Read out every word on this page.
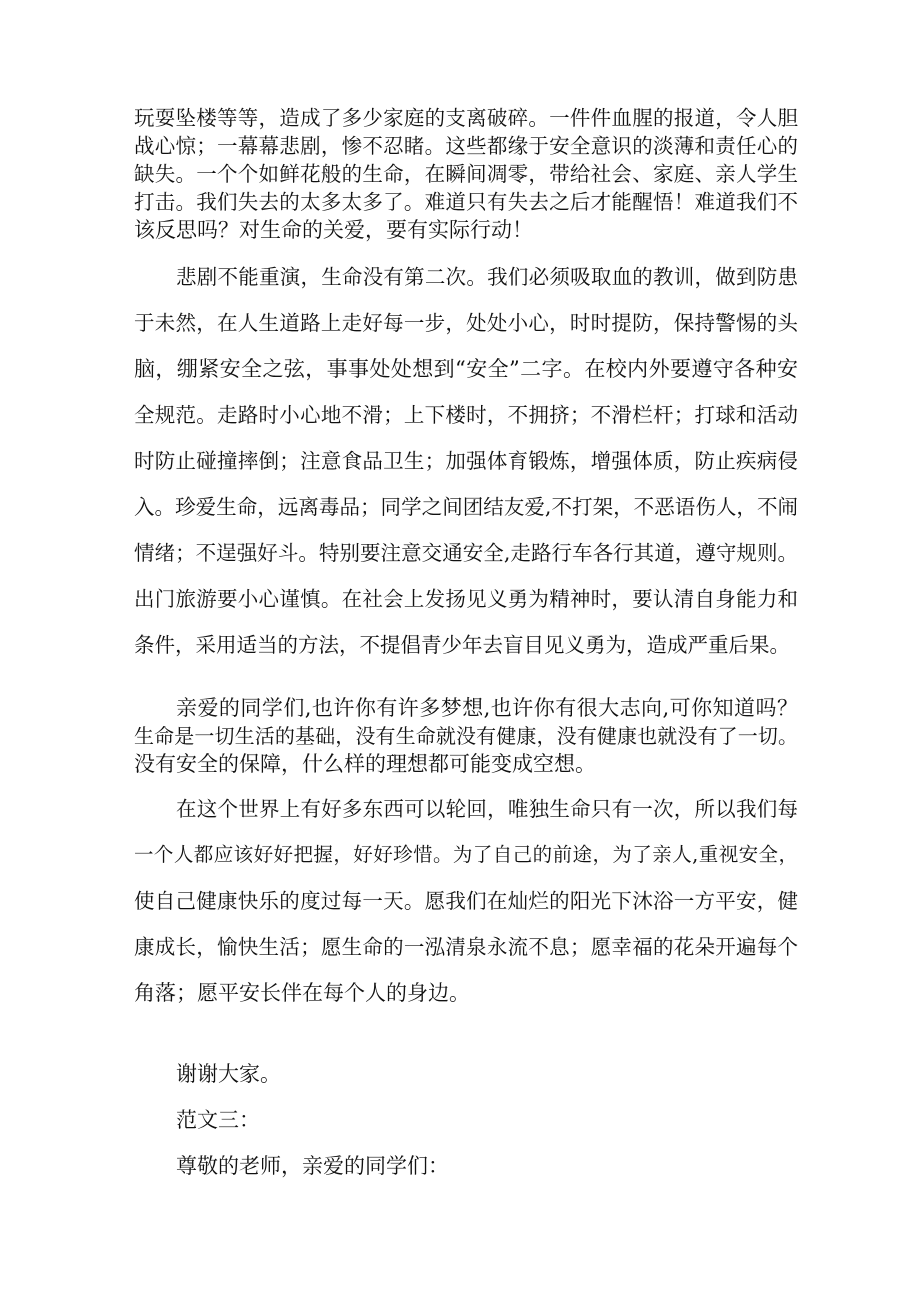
玩耍坠楼等等，造成了多少家庭的支离破碎。一件件血腥的报道，令人胆

战心惊；一幕幕悲剧，惨不忍睹。这些都缘于安全意识的淡薄和责任心的

缺失。一个个如鲜花般的生命，在瞬间凋零，带给社会、家庭、亲人学生

打击。我们失去的太多太多了。难道只有失去之后才能醒悟！难道我们不

该反思吗？对生命的关爱，要有实际行动！

悲剧不能重演，生命没有第二次。我们必须吸取血的教训，做到防患

于未然，在人生道路上走好每一步，处处小心，时时提防，保持警惕的头

脑，绷紧安全之弦，事事处处想到“安全”二字。在校内外要遵守各种安

全规范。走路时小心地不滑；上下楼时，不拥挤；不滑栏杆；打球和活动

时防止碰撞摔倒；注意食品卫生；加强体育锻炼，增强体质，防止疾病侵

入。珍爱生命，远离毒品；同学之间团结友爱,不打架，不恶语伤人，不闹

情绪；不逞强好斗。特别要注意交通安全,走路行车各行其道，遵守规则。

出门旅游要小心谨慎。在社会上发扬见义勇为精神时，要认清自身能力和

条件，采用适当的方法，不提倡青少年去盲目见义勇为，造成严重后果。

亲爱的同学们,也许你有许多梦想,也许你有很大志向,可你知道吗？

生命是一切生活的基础，没有生命就没有健康，没有健康也就没有了一切。

没有安全的保障，什么样的理想都可能变成空想。

在这个世界上有好多东西可以轮回，唯独生命只有一次，所以我们每

一个人都应该好好把握，好好珍惜。为了自己的前途，为了亲人,重视安全，

使自己健康快乐的度过每一天。愿我们在灿烂的阳光下沐浴一方平安，健

康成长，愉快生活；愿生命的一泓清泉永流不息；愿幸福的花朵开遍每个

角落；愿平安长伴在每个人的身边。

谢谢大家。

范文三：

尊敬的老师，亲爱的同学们：
